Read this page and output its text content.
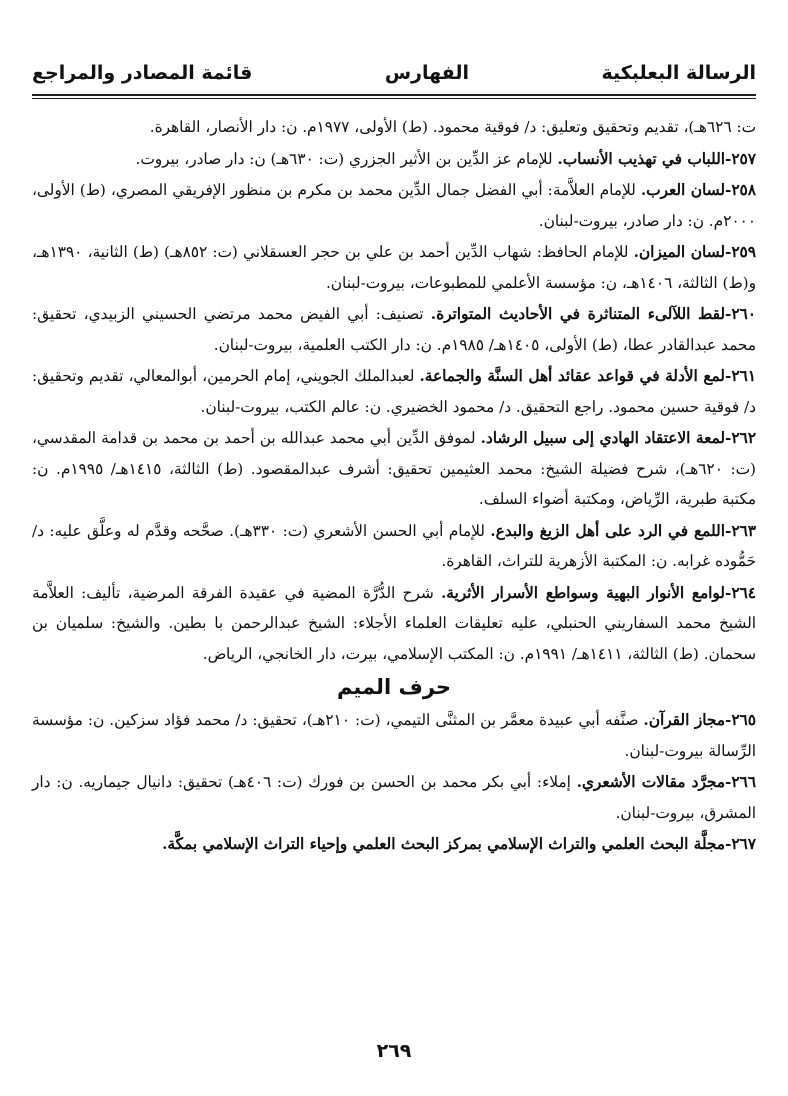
الرسالة البعلبكية
الفهارس
قائمة المصادر والمراجع

ت: ٦٢٦هـ)، تقديم وتحقيق وتعليق: د/ فوقية محمود. (ط) الأولى، ١٩٧٧م. ن: دار الأنصار، القاهرة.

٢٥٧-اللباب في تهذيب الأنساب. للإمام عز الدِّين بن الأثير الجزري (ت: ٦٣٠هـ) ن: دار صادر، بيروت.

٢٥٨-لسان العرب. للإمام العلاَّمة: أبي الفضل جمال الدِّين محمد بن مكرم بن منظور الإفريقي المصري، (ط) الأولى، ٢٠٠٠م. ن: دار صادر، بيروت-لبنان.

٢٥٩-لسان الميزان. للإمام الحافظ: شهاب الدِّين أحمد بن علي بن حجر العسقلاني (ت: ٨٥٢هـ) (ط) الثانية، ١٣٩٠هـ، و(ط) الثالثة، ١٤٠٦هـ، ن: مؤسسة الأعلمي للمطبوعات، بيروت-لبنان.

٢٦٠-لقط اللآلىء المتناثرة في الأحاديث المتواترة. تصنيف: أبي الفيض محمد مرتضي الحسيني الزبيدي، تحقيق: محمد عبدالقادر عطا، (ط) الأولى، ١٤٠٥هـ/ ١٩٨٥م. ن: دار الكتب العلمية، بيروت-لبنان.

٢٦١-لمع الأدلة في قواعد عقائد أهل السنَّة والجماعة. لعبدالملك الجويني، إمام الحرمين، أبوالمعالي، تقديم وتحقيق: د/ فوقية حسين محمود. راجع التحقيق. د/ محمود الخضيري. ن: عالم الكتب، بيروت-لبنان.

٢٦٢-لمعة الاعتقاد الهادي إلى سبيل الرشاد. لموفق الدِّين أبي محمد عبدالله بن أحمد بن محمد بن قدامة المقدسي، (ت: ٦٢٠هـ)، شرح فضيلة الشيخ: محمد العثيمين تحقيق: أشرف عبدالمقصود. (ط) الثالثة، ١٤١٥هـ/ ١٩٩٥م. ن: مكتبة طبرية، الرِّياض، ومكتبة أضواء السلف.

٢٦٣-اللمع في الرد على أهل الزيغ والبدع. للإمام أبي الحسن الأشعري (ت: ٣٣٠هـ). صحَّحه وقدَّم له وعلَّق عليه: د/ حَمُّوده غرابه. ن: المكتبة الأزهرية للتراث، القاهرة.

٢٦٤-لوامع الأنوار البهية وسواطع الأسرار الأثرية. شرح الدُّرَّة المضية في عقيدة الفرقة المرضية، تأليف: العلاَّمة الشيخ محمد السفاريني الحنبلي، عليه تعليقات العلماء الأجلاء: الشيخ عبدالرحمن با بطين. والشيخ: سلميان بن سحمان. (ط) الثالثة، ١٤١١هـ/ ١٩٩١م. ن: المكتب الإسلامي، بيرت، دار الخانجي، الرياض.

حرف الميم

٢٦٥-مجاز القرآن. صنَّفه أبي عبيدة معمَّر بن المثنَّى التيمي، (ت: ٢١٠هـ)، تحقيق: د/ محمد فؤاد سزكين. ن: مؤسسة الرِّسالة بيروت-لبنان.

٢٦٦-مجرَّد مقالات الأشعري. إملاء: أبي بكر محمد بن الحسن بن فورك (ت: ٤٠٦هـ) تحقيق: دانيال جيماريه. ن: دار المشرق، بيروت-لبنان.

٢٦٧-مجلَّة البحث العلمي والتراث الإسلامي بمركز البحث العلمي وإحياء التراث الإسلامي بمكَّة.

٢٦٩
